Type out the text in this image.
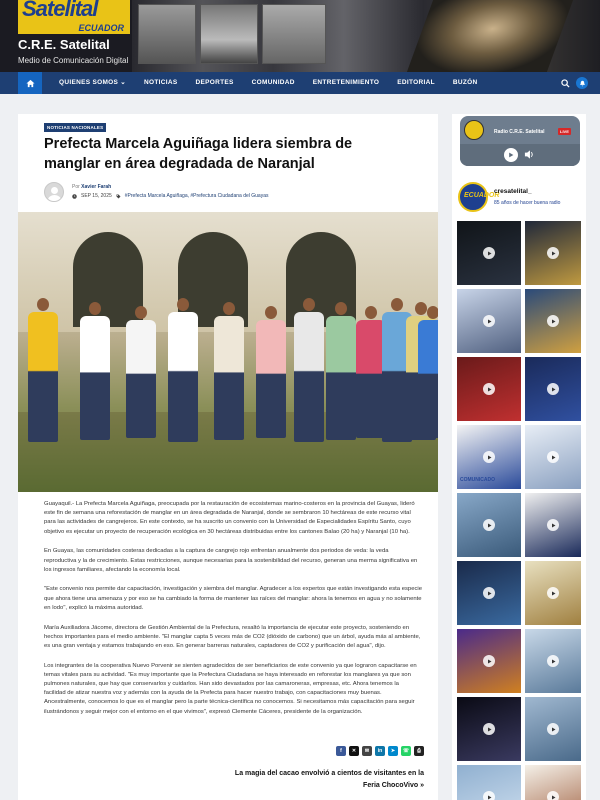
Satelital
ECUADOR
C.R.E. Satelital
Medio de Comunicación Digital
QUIENES SOMOS ⌄	NOTICIAS	DEPORTES	COMUNIDAD	ENTRETENIMIENTO	EDITORIAL	BUZÓN
NOTICIAS NACIONALES
Prefecta Marcela Aguiñaga lidera siembra de manglar en área degradada de Naranjal
Por Xavier Farah
SEP 15, 2025	#Prefecta Marcela Aguiñaga, #Prefectura Ciudadana del Guayas

Guayaquil.- La Prefecta Marcela Aguiñaga, preocupada por la restauración de ecosistemas marino-costeros en la provincia del Guayas, lideró este fin de semana una reforestación de manglar en un área degradada de Naranjal, donde se sembraron 10 hectáreas de este recurso vital para las actividades de cangrejeros. En este contexto, se ha suscrito un convenio con la Universidad de Especialidades Espíritu Santo, cuyo objetivo es ejecutar un proyecto de recuperación ecológica en 30 hectáreas distribuidas entre los cantones Balao (20 ha) y Naranjal (10 ha).

En Guayas, las comunidades costeras dedicadas a la captura de cangrejo rojo enfrentan anualmente dos periodos de veda: la veda reproductiva y la de crecimiento. Estas restricciones, aunque necesarias para la sostenibilidad del recurso, generan una merma significativa en los ingresos familiares, afectando la economía local.

"Este convenio nos permite dar capacitación, investigación y siembra del manglar. Agradecer a los expertos que están investigando esta especie que ahora tiene una amenaza y por eso se ha cambiado la forma de mantener las raíces del manglar: ahora la tenemos en agua y no solamente en lodo", explicó la máxima autoridad.

María Auxiliadora Jácome, directora de Gestión Ambiental de la Prefectura, resaltó la importancia de ejecutar este proyecto, sosteniendo en hechos importantes para el medio ambiente. "El manglar capta 5 veces más de CO2 (dióxido de carbono) que un árbol, ayuda más al ambiente, es una gran ventaja y estamos trabajando en eso. En generar barreras naturales, captadores de CO2 y purificación del agua", dijo.

Los integrantes de la cooperativa Nuevo Porvenir se sienten agradecidos de ser beneficiarios de este convenio ya que lograron capacitarse en temas vitales para su actividad. "Es muy importante que la Prefectura Ciudadana se haya interesado en reforestar los manglares ya que son pulmones naturales, que hay que conservarlos y cuidarlos. Han sido devastados por las camaroneras, empresas, etc. Ahora tenemos la facilidad de atizar nuestra voz y además con la ayuda de la Prefecta para hacer nuestro trabajo, con capacitaciones muy buenas. Ancestralmente, conocemos lo que es el manglar pero la parte técnica-científica no conocemos. Si necesitamos más capacitación para seguir ilustrándonos y seguir mejor con el entorno en el que vivimos", expresó Clemente Cáceres, presidente de la organización.

f ✕ ✉ in ➤ ☏ ⎙
La magia del cacao envolvió a cientos de visitantes en la Feria ChocoVivo »
Radio C.R.E. Satelital	LIVE
ECUADOR
cresatelital_
85 años de hacer buena radio
COMUNICADO
